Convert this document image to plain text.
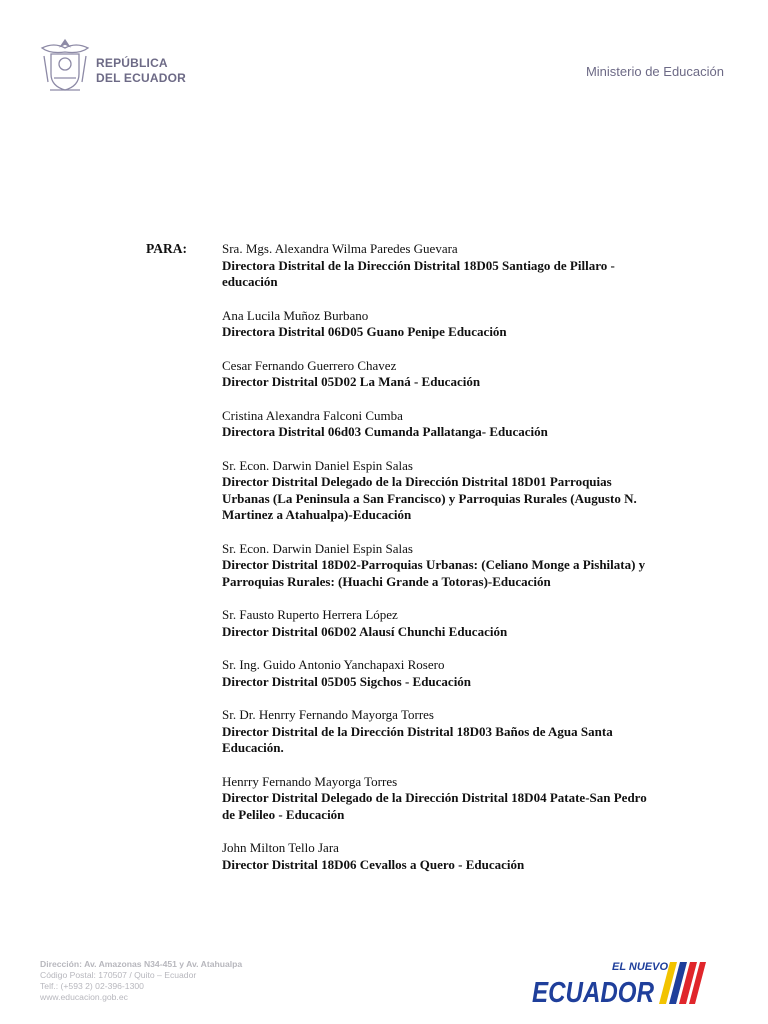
REPÚBLICA
DEL ECUADOR	Ministerio de Educación
PARA:	Sra. Mgs. Alexandra Wilma Paredes Guevara
Directora Distrital de la Dirección Distrital 18D05 Santiago de Pillaro -educación
Ana Lucila Muñoz Burbano
Directora Distrital 06D05 Guano Penipe Educación
Cesar Fernando Guerrero Chavez
Director Distrital 05D02 La Maná - Educación
Cristina Alexandra Falconi Cumba
Directora Distrital 06d03 Cumanda Pallatanga- Educación
Sr. Econ. Darwin Daniel Espin Salas
Director Distrital Delegado de la Dirección Distrital 18D01 Parroquias Urbanas (La Peninsula a San Francisco) y Parroquias Rurales (Augusto N. Martinez a Atahualpa)-Educación
Sr. Econ. Darwin Daniel Espin Salas
Director Distrital 18D02-Parroquias Urbanas: (Celiano Monge a Pishilata) y Parroquias Rurales: (Huachi Grande a Totoras)-Educación
Sr. Fausto Ruperto Herrera López
Director Distrital 06D02 Alausí Chunchi Educación
Sr. Ing. Guido Antonio Yanchapaxi Rosero
Director Distrital 05D05 Sigchos - Educación
Sr. Dr. Henrry Fernando Mayorga Torres
Director Distrital de la Dirección Distrital 18D03 Baños de Agua Santa Educación.
Henrry Fernando Mayorga Torres
Director Distrital Delegado de la Dirección Distrital 18D04 Patate-San Pedro de Pelileo - Educación
John Milton Tello Jara
Director Distrital 18D06 Cevallos a Quero - Educación
Dirección: Av. Amazonas N34-451 y Av. Atahualpa
Código Postal: 170507 / Quito – Ecuador
Telf.: (+593 2) 02-396-1300
www.educacion.gob.ec
EL NUEVO
ECUADOR
